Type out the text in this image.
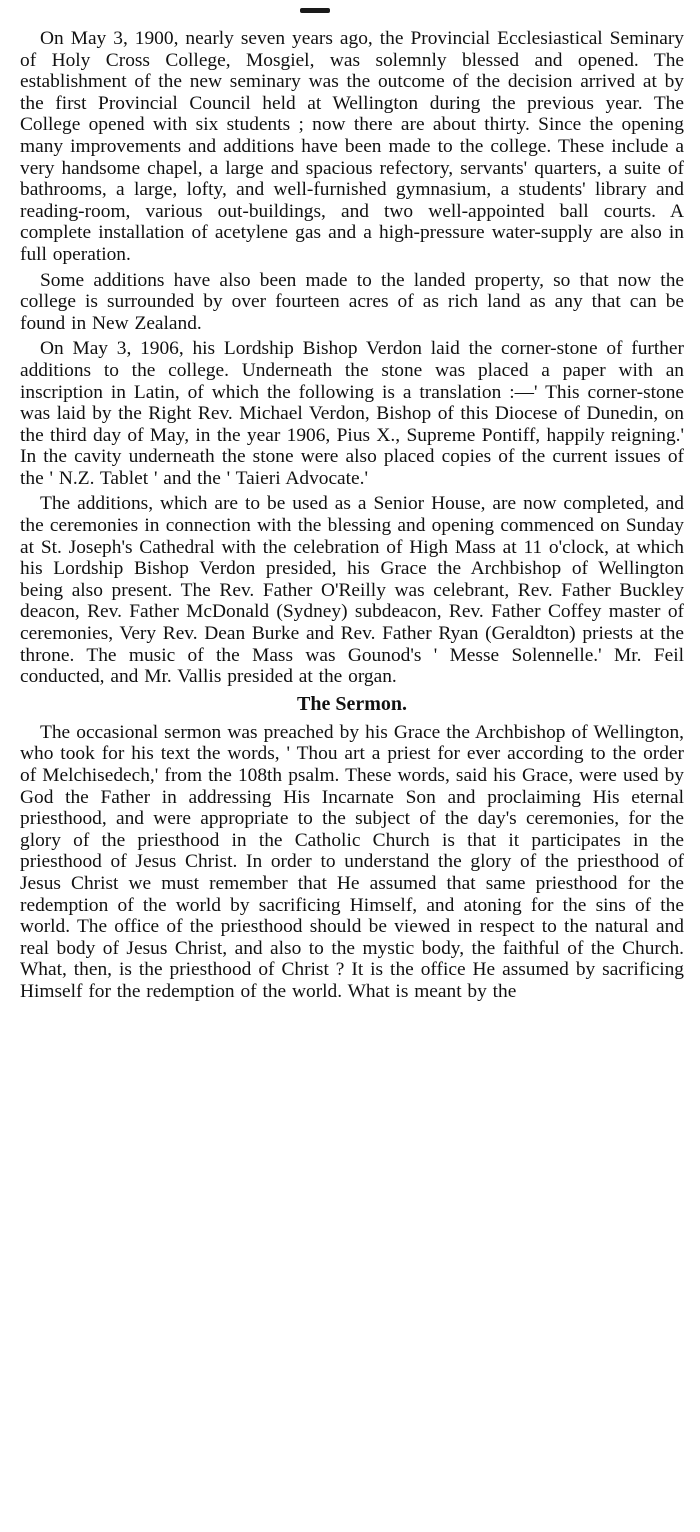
On May 3, 1900, nearly seven years ago, the Provincial Ecclesiastical Seminary of Holy Cross College, Mosgiel, was solemnly blessed and opened. The establishment of the new seminary was the outcome of the decision arrived at by the first Provincial Council held at Wellington during the previous year. The College opened with six students ; now there are about thirty. Since the opening many improvements and additions have been made to the college. These include a very handsome chapel, a large and spacious refectory, servants' quarters, a suite of bathrooms, a large, lofty, and well-furnished gymnasium, a students' library and reading-room, various out-buildings, and two well-appointed ball courts. A complete installation of acetylene gas and a high-pressure water-supply are also in full operation.

Some additions have also been made to the landed property, so that now the college is surrounded by over fourteen acres of as rich land as any that can be found in New Zealand.

On May 3, 1906, his Lordship Bishop Verdon laid the corner-stone of further additions to the college. Underneath the stone was placed a paper with an inscription in Latin, of which the following is a translation :—' This corner-stone was laid by the Right Rev. Michael Verdon, Bishop of this Diocese of Dunedin, on the third day of May, in the year 1906, Pius X., Supreme Pontiff, happily reigning.' In the cavity underneath the stone were also placed copies of the current issues of the ' N.Z. Tablet ' and the ' Taieri Advocate.'

The additions, which are to be used as a Senior House, are now completed, and the ceremonies in connection with the blessing and opening commenced on Sunday at St. Joseph's Cathedral with the celebration of High Mass at 11 o'clock, at which his Lordship Bishop Verdon presided, his Grace the Archbishop of Wellington being also present. The Rev. Father O'Reilly was celebrant, Rev. Father Buckley deacon, Rev. Father McDonald (Sydney) subdeacon, Rev. Father Coffey master of ceremonies, Very Rev. Dean Burke and Rev. Father Ryan (Geraldton) priests at the throne. The music of the Mass was Gounod's ' Messe Solennelle.' Mr. Feil conducted, and Mr. Vallis presided at the organ.

The Sermon.

The occasional sermon was preached by his Grace the Archbishop of Wellington, who took for his text the words, ' Thou art a priest for ever according to the order of Melchisedech,' from the 108th psalm. These words, said his Grace, were used by God the Father in addressing His Incarnate Son and proclaiming His eternal priesthood, and were appropriate to the subject of the day's ceremonies, for the glory of the priesthood in the Catholic Church is that it participates in the priesthood of Jesus Christ. In order to understand the glory of the priesthood of Jesus Christ we must remember that He assumed that same priesthood for the redemption of the world by sacrificing Himself, and atoning for the sins of the world. The office of the priesthood should be viewed in respect to the natural and real body of Jesus Christ, and also to the mystic body, the faithful of the Church. What, then, is the priesthood of Christ ? It is the office He assumed by sacrificing Himself for the redemption of the world. What is meant by the
